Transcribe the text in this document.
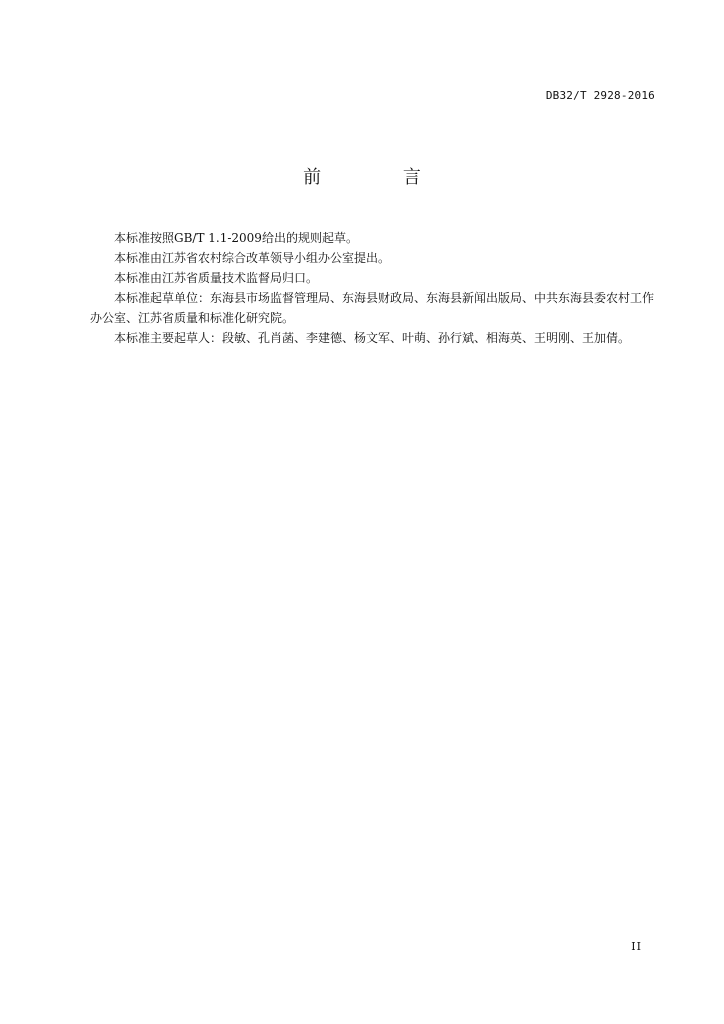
DB32/T 2928-2016
前 言

本标准按照GB/T 1.1-2009给出的规则起草。

本标准由江苏省农村综合改革领导小组办公室提出。

本标准由江苏省质量技术监督局归口。

本标准起草单位：东海县市场监督管理局、东海县财政局、东海县新闻出版局、中共东海县委农村工作办公室、江苏省质量和标准化研究院。

本标准主要起草人：段敏、孔肖菡、李建德、杨文军、叶萌、孙行斌、相海英、王明刚、王加倩。

II
